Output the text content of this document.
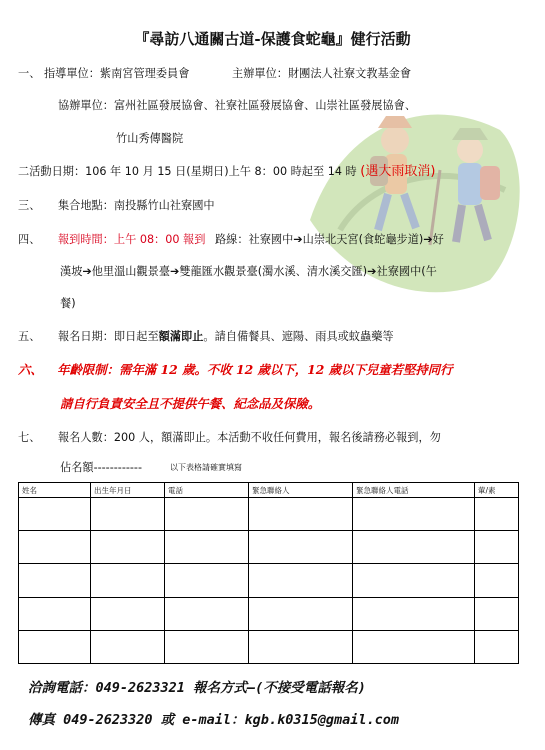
『尋訪八通關古道-保護食蛇龜』健行活動
一、 指導單位：紫南宮管理委員會	主辦單位：財團法人社寮文教基金會
協辦單位：富州社區發展協會、社寮社區發展協會、山崇社區發展協會、
竹山秀傳醫院
二活動日期：106 年 10 月 15 日(星期日)上午 8：00 時起至 14 時 (遇大雨取消)
三、 集合地點：南投縣竹山社寮國中
四、 報到時間：上午 08：00 報到 路線：社寮國中➔山崇北天宮(食蛇龜步道)➔好
漢坡➔他里溫山觀景臺➔雙龍匯水觀景臺(濁水溪、清水溪交匯)➔社寮國中(午
餐)
五、 報名日期：即日起至額滿即止。請自備餐具、遮陽、雨具或蚊蟲藥等
六、 年齡限制：需年滿 12 歲。不收 12 歲以下，12 歲以下兒童若堅持同行
請自行負責安全且不提供午餐、紀念品及保險。
七、 報名人數：200 人，額滿即止。本活動不收任何費用，報名後請務必報到，勿
佔名額------------	以下表格請確實填寫
姓名	出生年月日	電話	緊急聯絡人	緊急聯絡人電話	葷/素

洽詢電話：049-2623321 報名方式—(不接受電話報名)
傳真 049-2623320 或 e-mail：kgb.k0315@gmail.com
